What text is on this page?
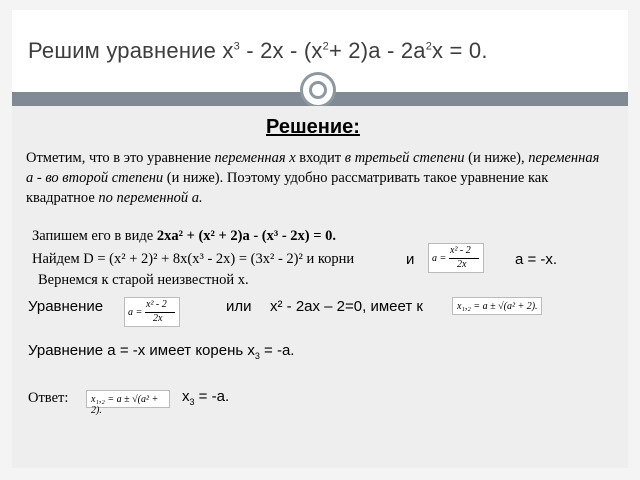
Решим уравнение $x^3 - 2x - (x^2+ 2)a - 2a^2x = 0$.
Решение:
Отметим, что в это уравнение переменная x входит в третьей степени (и ниже), переменная a - во второй степени (и ниже). Поэтому удобно рассматривать такое уравнение как квадратное по переменной a.
Запишем его в виде 2xa² + (x² + 2)a - (x³ - 2x) = 0.
Найдем D = (x² + 2)² + 8x(x³ - 2x) = (3x² - 2)² и корни	и a =
x² - 2
2x	a = -x.
Вернемся к старой неизвестной x.
Уравнение a =
x² - 2
2x
или x² - 2ax – 2=0, имеет к	x₁,₂ = a ± √(a² + 2).
Уравнение a = -x имеет корень $x_3 = -a$.
Ответ: x₁,₂ = a ± √(a² + 2).
$x_3 = -a$.
